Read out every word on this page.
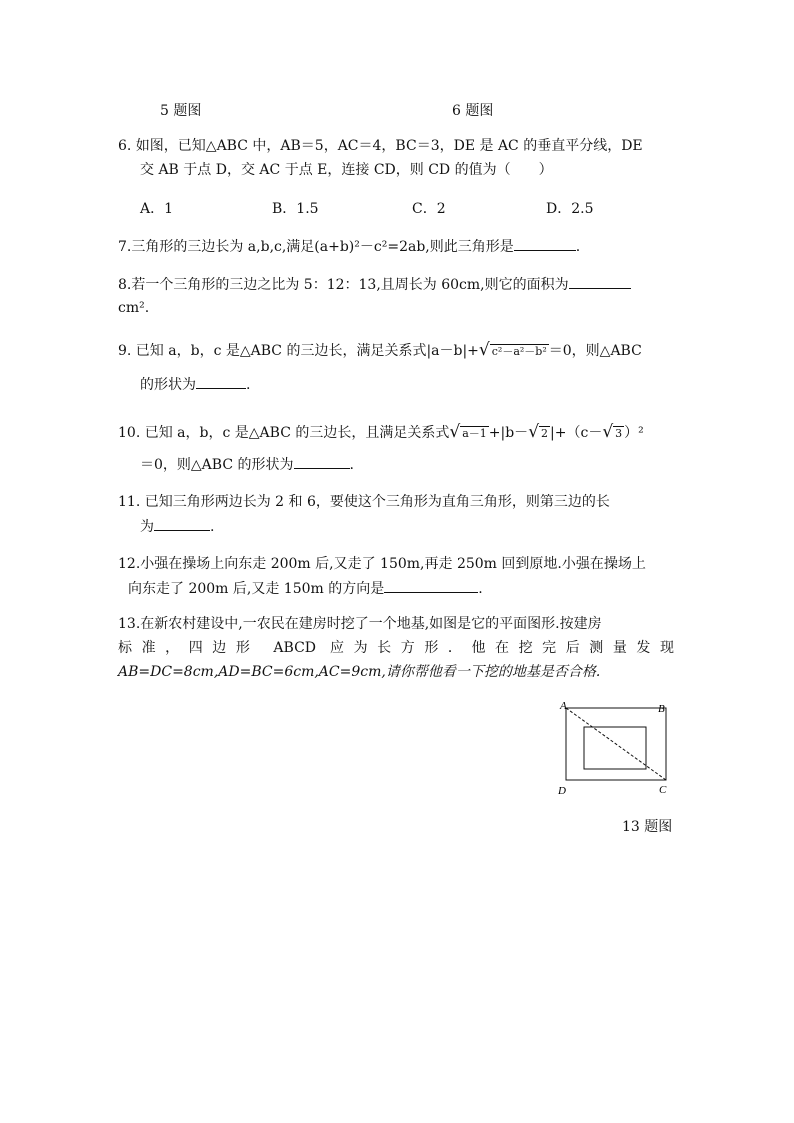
5 题图	6 题图
6. 如图，已知△ABC 中，AB＝5，AC＝4，BC＝3，DE 是 AC 的垂直平分线，DE
交 AB 于点 D，交 AC 于点 E，连接 CD，则 CD 的值为（　　）
A．1	B．1.5	C．2	D．2.5
7.三角形的三边长为 a,b,c,满足(a+b)²－c²=2ab,则此三角形是	.
8.若一个三角形的三边之比为 5：12：13,且周长为 60cm,则它的面积为
cm².
9. 已知 a，b，c 是△ABC 的三边长，满足关系式|a－b|+√ c²－a²－b² ＝0，则△ABC
的形状为	.
10. 已知 a，b，c 是△ABC 的三边长，且满足关系式√ a－1 +|b－√ 2 |+（c－√ 3 ）²
＝0，则△ABC 的形状为	.
11. 已知三角形两边长为 2 和 6，要使这个三角形为直角三角形，则第三边的长
为	.
12.小强在操场上向东走 200m 后,又走了 150m,再走 250m 回到原地.小强在操场上
向东走了 200m 后,又走 150m 的方向是	.
13.在新农村建设中,一农民在建房时挖了一个地基,如图是它的平面图形.按建房
标准，四边形 ABCD 应为长方形．他在挖完后测量发现
AB=DC=8cm,AD=BC=6cm,AC=9cm,请你帮他看一下挖的地基是否合格.
A	B
C
D
13 题图
